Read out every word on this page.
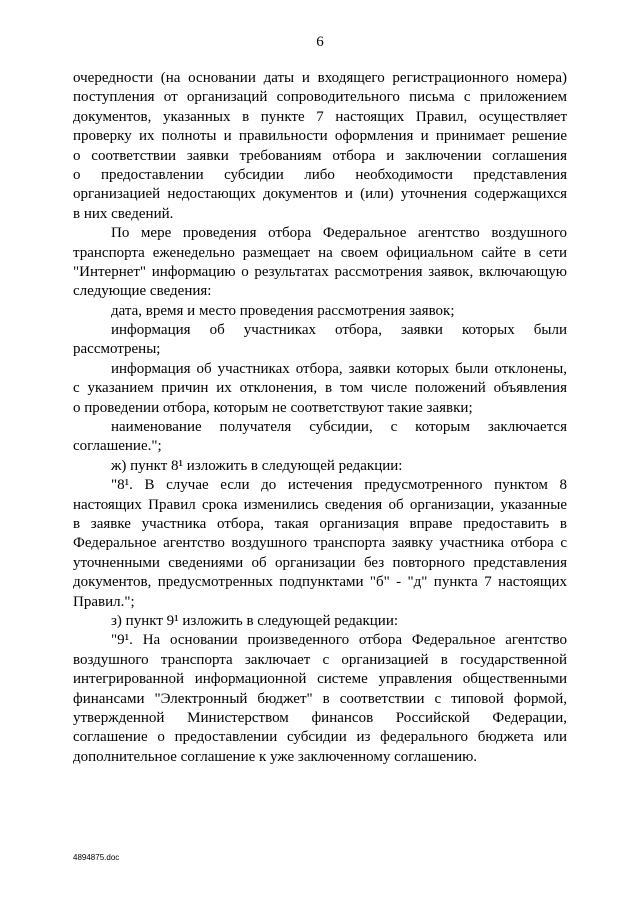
6
очередности (на основании даты и входящего регистрационного номера)
поступления от организаций сопроводительного письма с приложением
документов, указанных в пункте 7 настоящих Правил, осуществляет
проверку их полноты и правильности оформления и принимает решение
о соответствии заявки требованиям отбора и заключении соглашения
о предоставлении субсидии либо необходимости представления
организацией недостающих документов и (или) уточнения содержащихся
в них сведений.
По мере проведения отбора Федеральное агентство воздушного
транспорта еженедельно размещает на своем официальном сайте в сети
"Интернет" информацию о результатах рассмотрения заявок, включающую
следующие сведения:
дата, время и место проведения рассмотрения заявок;
информация об участниках отбора, заявки которых были
рассмотрены;
информация об участниках отбора, заявки которых были отклонены,
с указанием причин их отклонения, в том числе положений объявления
о проведении отбора, которым не соответствуют такие заявки;
наименование получателя субсидии, с которым заключается
соглашение.";
ж) пункт 8¹ изложить в следующей редакции:
"8¹. В случае если до истечения предусмотренного пунктом 8
настоящих Правил срока изменились сведения об организации, указанные
в заявке участника отбора, такая организация вправе предоставить в
Федеральное агентство воздушного транспорта заявку участника отбора с
уточненными сведениями об организации без повторного представления
документов, предусмотренных подпунктами "б" - "д" пункта 7 настоящих
Правил.";
з) пункт 9¹ изложить в следующей редакции:
"9¹. На основании произведенного отбора Федеральное агентство
воздушного транспорта заключает с организацией в государственной
интегрированной информационной системе управления общественными
финансами "Электронный бюджет" в соответствии с типовой формой,
утвержденной Министерством финансов Российской Федерации,
соглашение о предоставлении субсидии из федерального бюджета или
дополнительное соглашение к уже заключенному соглашению.
4894875.doc
